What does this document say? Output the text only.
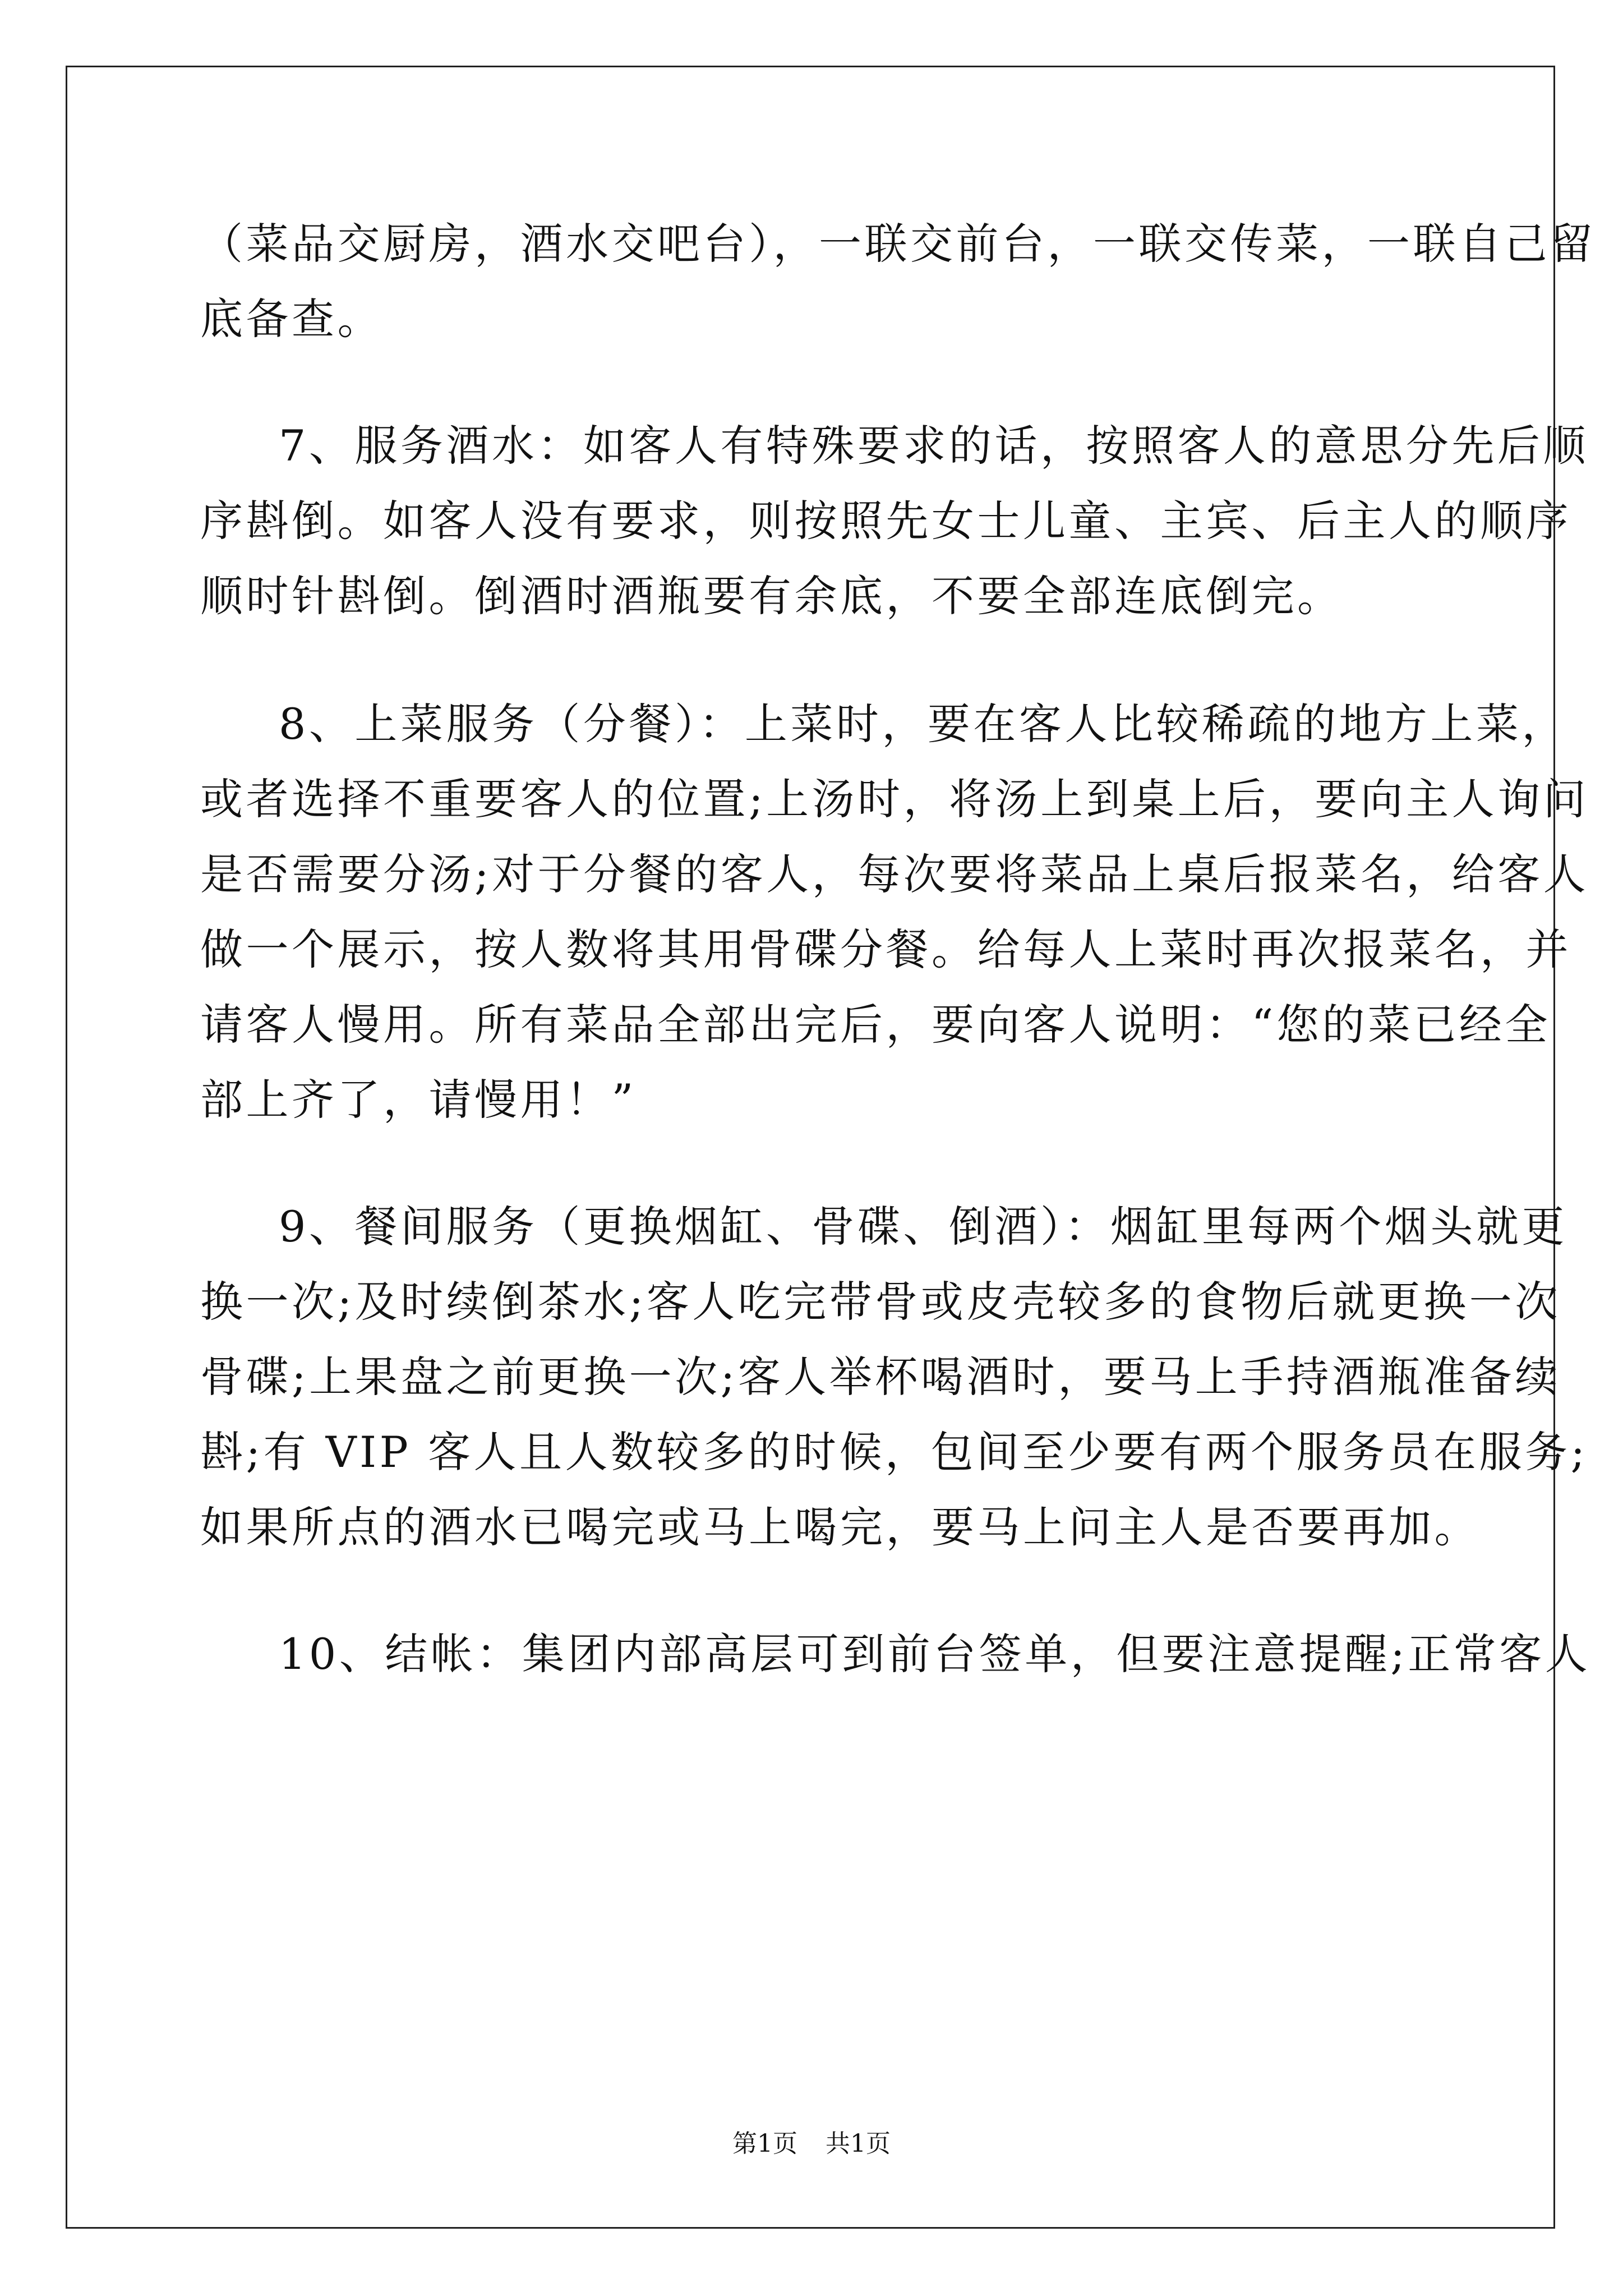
（菜品交厨房，酒水交吧台），一联交前台，一联交传菜，一联自己留
底备查。
7、服务酒水：如客人有特殊要求的话，按照客人的意思分先后顺
序斟倒。如客人没有要求，则按照先女士儿童、主宾、后主人的顺序
顺时针斟倒。倒酒时酒瓶要有余底，不要全部连底倒完。
8、上菜服务（分餐）：上菜时，要在客人比较稀疏的地方上菜，
或者选择不重要客人的位置;上汤时，将汤上到桌上后，要向主人询问
是否需要分汤;对于分餐的客人，每次要将菜品上桌后报菜名，给客人
做一个展示，按人数将其用骨碟分餐。给每人上菜时再次报菜名，并
请客人慢用。所有菜品全部出完后，要向客人说明：“您的菜已经全
部上齐了，请慢用！”
9、餐间服务（更换烟缸、骨碟、倒酒）：烟缸里每两个烟头就更
换一次;及时续倒茶水;客人吃完带骨或皮壳较多的食物后就更换一次
骨碟;上果盘之前更换一次;客人举杯喝酒时，要马上手持酒瓶准备续
斟;有 VIP 客人且人数较多的时候，包间至少要有两个服务员在服务;
如果所点的酒水已喝完或马上喝完，要马上问主人是否要再加。
10、结帐：集团内部高层可到前台签单，但要注意提醒;正常客人
第1页 共1页
